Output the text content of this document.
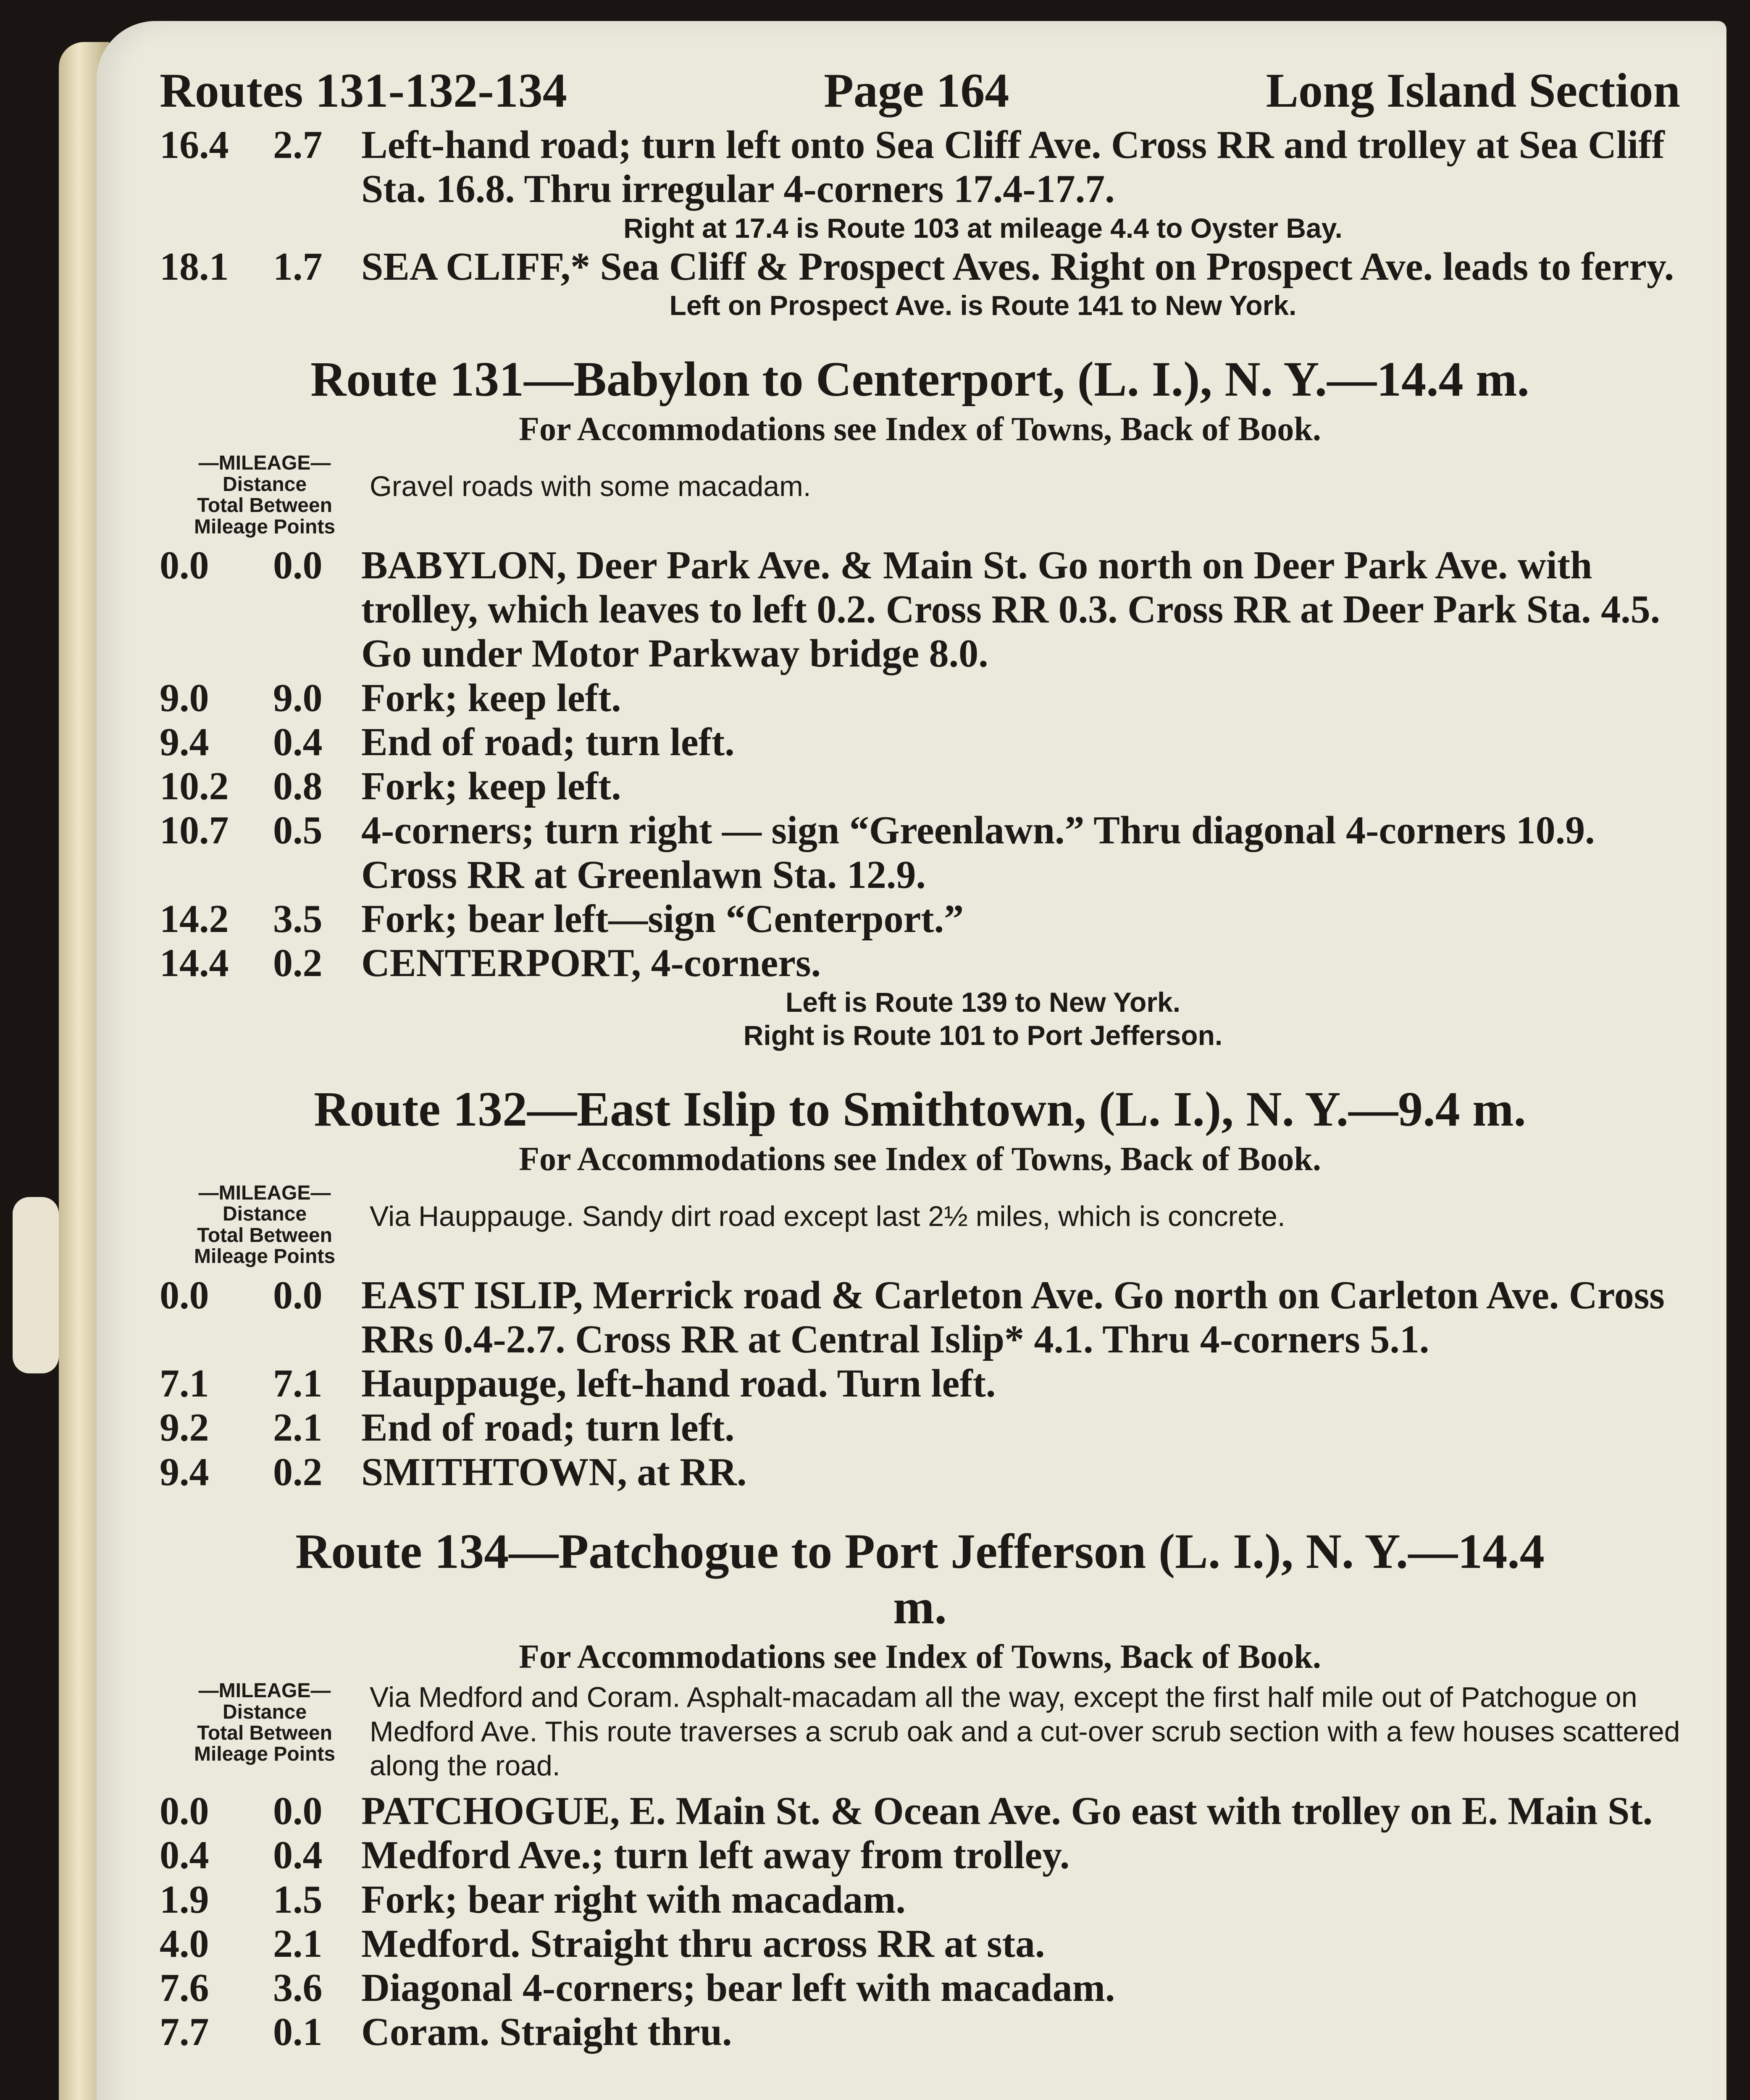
Routes 131-132-134	Page 164	Long Island Section
16.4	2.7 Left-hand road; turn left onto Sea Cliff Ave. Cross RR and trolley at Sea Cliff Sta. 16.8. Thru irregular 4-corners 17.4-17.7.
Right at 17.4 is Route 103 at mileage 4.4 to Oyster Bay.
18.1	1.7 SEA CLIFF,* Sea Cliff & Prospect Aves. Right on Prospect Ave. leads to ferry.
Left on Prospect Ave. is Route 141 to New York.
Route 131—Babylon to Centerport, (L. I.), N. Y.—14.4 m.
For Accommodations see Index of Towns, Back of Book.
—MILEAGE—
Distance
Total Between
Mileage Points
Gravel roads with some macadam.
0.0	0.0 BABYLON, Deer Park Ave. & Main St. Go north on Deer Park Ave. with trolley, which leaves to left 0.2. Cross RR 0.3. Cross RR at Deer Park Sta. 4.5. Go under Motor Parkway bridge 8.0.
9.0	9.0 Fork; keep left.
9.4	0.4 End of road; turn left.
10.2	0.8 Fork; keep left.
10.7	0.5 4-corners; turn right — sign “Greenlawn.” Thru diagonal 4-corners 10.9. Cross RR at Greenlawn Sta. 12.9.
14.2	3.5 Fork; bear left—sign “Centerport.”
14.4	0.2 CENTERPORT, 4-corners.
Left is Route 139 to New York.
Right is Route 101 to Port Jefferson.
Route 132—East Islip to Smithtown, (L. I.), N. Y.—9.4 m.
For Accommodations see Index of Towns, Back of Book.
—MILEAGE—
Distance
Total Between
Mileage Points
Via Hauppauge. Sandy dirt road except last 2½ miles, which is concrete.
0.0	0.0 EAST ISLIP, Merrick road & Carleton Ave. Go north on Carleton Ave. Cross RRs 0.4-2.7. Cross RR at Central Islip* 4.1. Thru 4-corners 5.1.
7.1	7.1 Hauppauge, left-hand road. Turn left.
9.2	2.1 End of road; turn left.
9.4	0.2 SMITHTOWN, at RR.
Route 134—Patchogue to Port Jefferson (L. I.), N. Y.—14.4 m.
For Accommodations see Index of Towns, Back of Book.
—MILEAGE—
Distance
Total Between
Mileage Points
Via Medford and Coram. Asphalt-macadam all the way, except the first half mile out of Patchogue on Medford Ave. This route traverses a scrub oak and a cut-over scrub section with a few houses scattered along the road.
0.0	0.0 PATCHOGUE, E. Main St. & Ocean Ave. Go east with trolley on E. Main St.
0.4	0.4 Medford Ave.; turn left away from trolley.
1.9	1.5 Fork; bear right with macadam.
4.0	2.1 Medford. Straight thru across RR at sta.
7.6	3.6 Diagonal 4-corners; bear left with macadam.
7.7	0.1 Coram. Straight thru.
